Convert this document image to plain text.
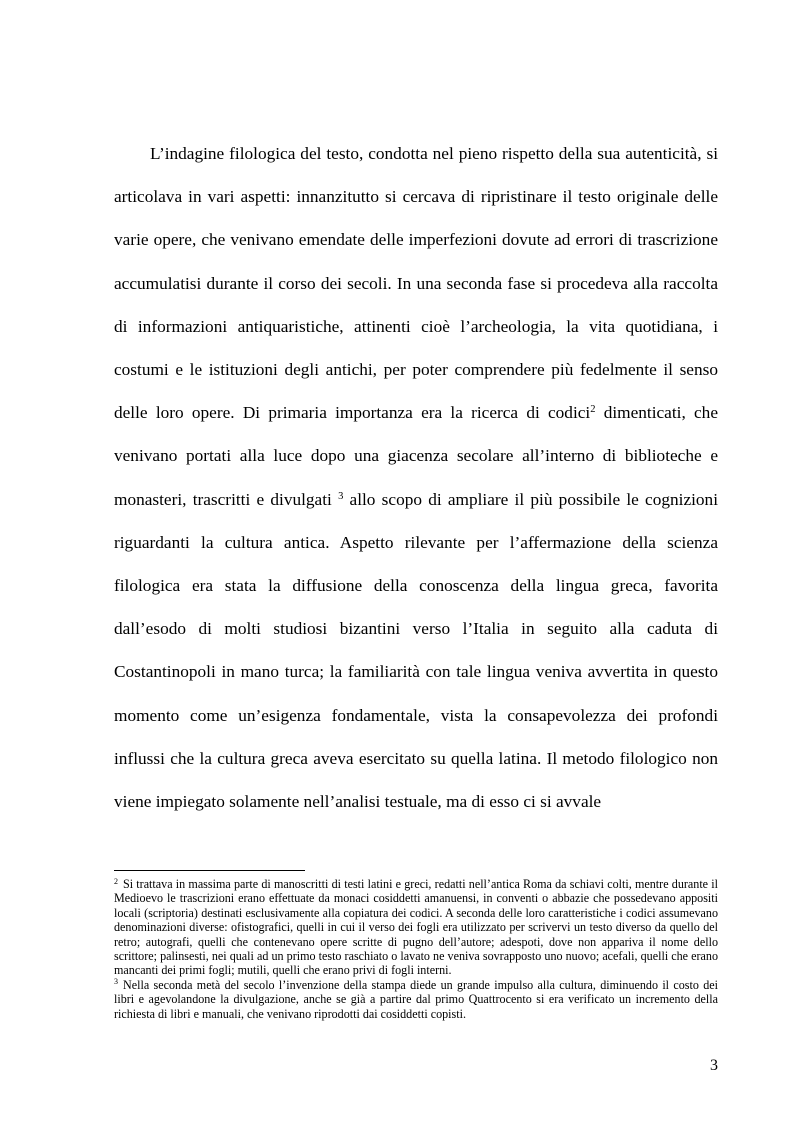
L’indagine filologica del testo, condotta nel pieno rispetto della sua autenticità, si articolava in vari aspetti: innanzitutto si cercava di ripristinare il testo originale delle varie opere, che venivano emendate delle imperfezioni dovute ad errori di trascrizione accumulatisi durante il corso dei secoli. In una seconda fase si procedeva alla raccolta di informazioni antiquaristiche, attinenti cioè l’archeologia, la vita quotidiana, i costumi e le istituzioni degli antichi, per poter comprendere più fedelmente il senso delle loro opere. Di primaria importanza era la ricerca di codici$^2$ dimenticati, che venivano portati alla luce dopo una giacenza secolare all’interno di biblioteche e monasteri, trascritti e divulgati $^3$ allo scopo di ampliare il più possibile le cognizioni riguardanti la cultura antica. Aspetto rilevante per l’affermazione della scienza filologica era stata la diffusione della conoscenza della lingua greca, favorita dall’esodo di molti studiosi bizantini verso l’Italia in seguito alla caduta di Costantinopoli in mano turca; la familiarità con tale lingua veniva avvertita in questo momento come un’esigenza fondamentale, vista la consapevolezza dei profondi influssi che la cultura greca aveva esercitato su quella latina. Il metodo filologico non viene impiegato solamente nell’analisi testuale, ma di esso ci si avvale

$^2$ Si trattava in massima parte di manoscritti di testi latini e greci, redatti nell’antica Roma da schiavi colti, mentre durante il Medioevo le trascrizioni erano effettuate da monaci cosiddetti amanuensi, in conventi o abbazie che possedevano appositi locali (scriptoria) destinati esclusivamente alla copiatura dei codici. A seconda delle loro caratteristiche i codici assumevano denominazioni diverse: ofistografici, quelli in cui il verso dei fogli era utilizzato per scrivervi un testo diverso da quello del retro; autografi, quelli che contenevano opere scritte di pugno dell’autore; adespoti, dove non appariva il nome dello scrittore; palinsesti, nei quali ad un primo testo raschiato o lavato ne veniva sovrapposto uno nuovo; acefali, quelli che erano mancanti dei primi fogli; mutili, quelli che erano privi di fogli interni.

$^3$ Nella seconda metà del secolo l’invenzione della stampa diede un grande impulso alla cultura, diminuendo il costo dei libri e agevolandone la divulgazione, anche se già a partire dal primo Quattrocento si era verificato un incremento della richiesta di libri e manuali, che venivano riprodotti dai cosiddetti copisti.

3
